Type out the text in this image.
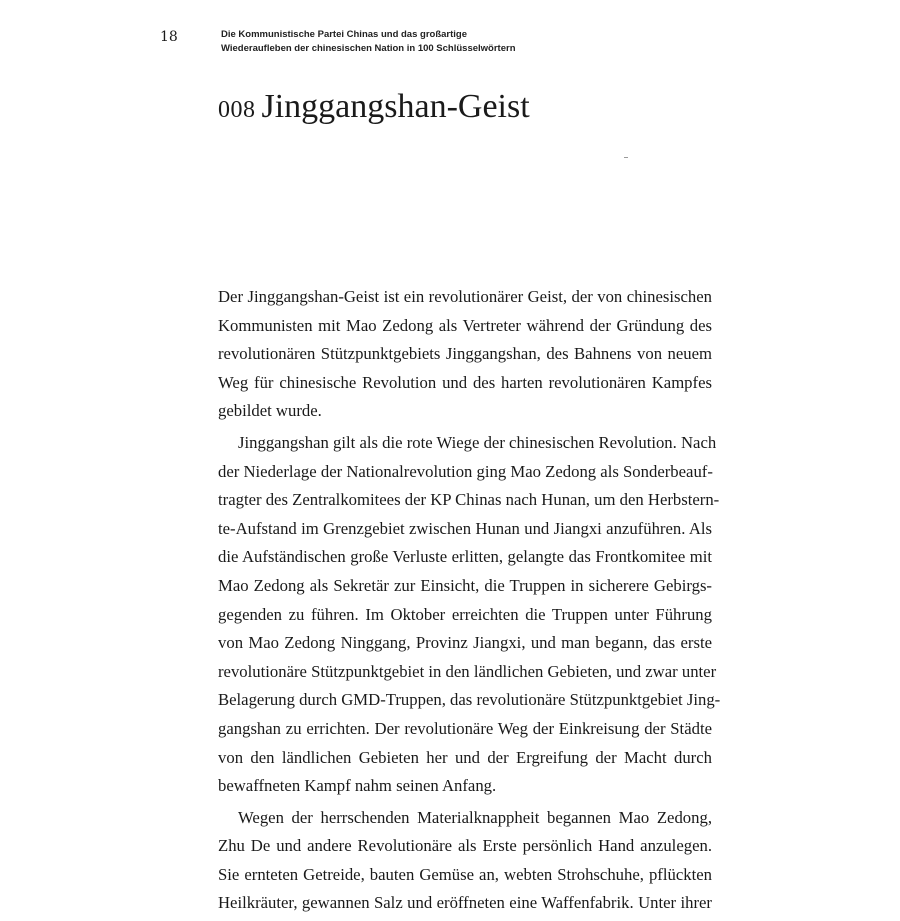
18	Die Kommunistische Partei Chinas und das großartige
Wiederaufleben der chinesischen Nation in 100 Schlüsselwörtern
008 Jinggangshan-Geist

Der Jinggangshan-Geist ist ein revolutionärer Geist, der von chinesischen
Kommunisten mit Mao Zedong als Vertreter während der Gründung des
revolutionären Stützpunktgebiets Jinggangshan, des Bahnens von neuem
Weg für chinesische Revolution und des harten revolutionären Kampfes
gebildet wurde.

Jinggangshan gilt als die rote Wiege der chinesischen Revolution. Nach
der Niederlage der Nationalrevolution ging Mao Zedong als Sonderbeauf-
tragter des Zentralkomitees der KP Chinas nach Hunan, um den Herbstern-
te-Aufstand im Grenzgebiet zwischen Hunan und Jiangxi anzuführen. Als
die Aufständischen große Verluste erlitten, gelangte das Frontkomitee mit
Mao Zedong als Sekretär zur Einsicht, die Truppen in sicherere Gebirgs-
gegenden zu führen. Im Oktober erreichten die Truppen unter Führung
von Mao Zedong Ninggang, Provinz Jiangxi, und man begann, das erste
revolutionäre Stützpunktgebiet in den ländlichen Gebieten, und zwar unter
Belagerung durch GMD-Truppen, das revolutionäre Stützpunktgebiet Jing-
gangshan zu errichten. Der revolutionäre Weg der Einkreisung der Städte
von den ländlichen Gebieten her und der Ergreifung der Macht durch
bewaffneten Kampf nahm seinen Anfang.

Wegen der herrschenden Materialknappheit begannen Mao Zedong,
Zhu De und andere Revolutionäre als Erste persönlich Hand anzulegen.
Sie ernteten Getreide, bauten Gemüse an, webten Strohschuhe, pflückten
Heilkräuter, gewannen Salz und eröffneten eine Waffenfabrik. Unter ihrer
